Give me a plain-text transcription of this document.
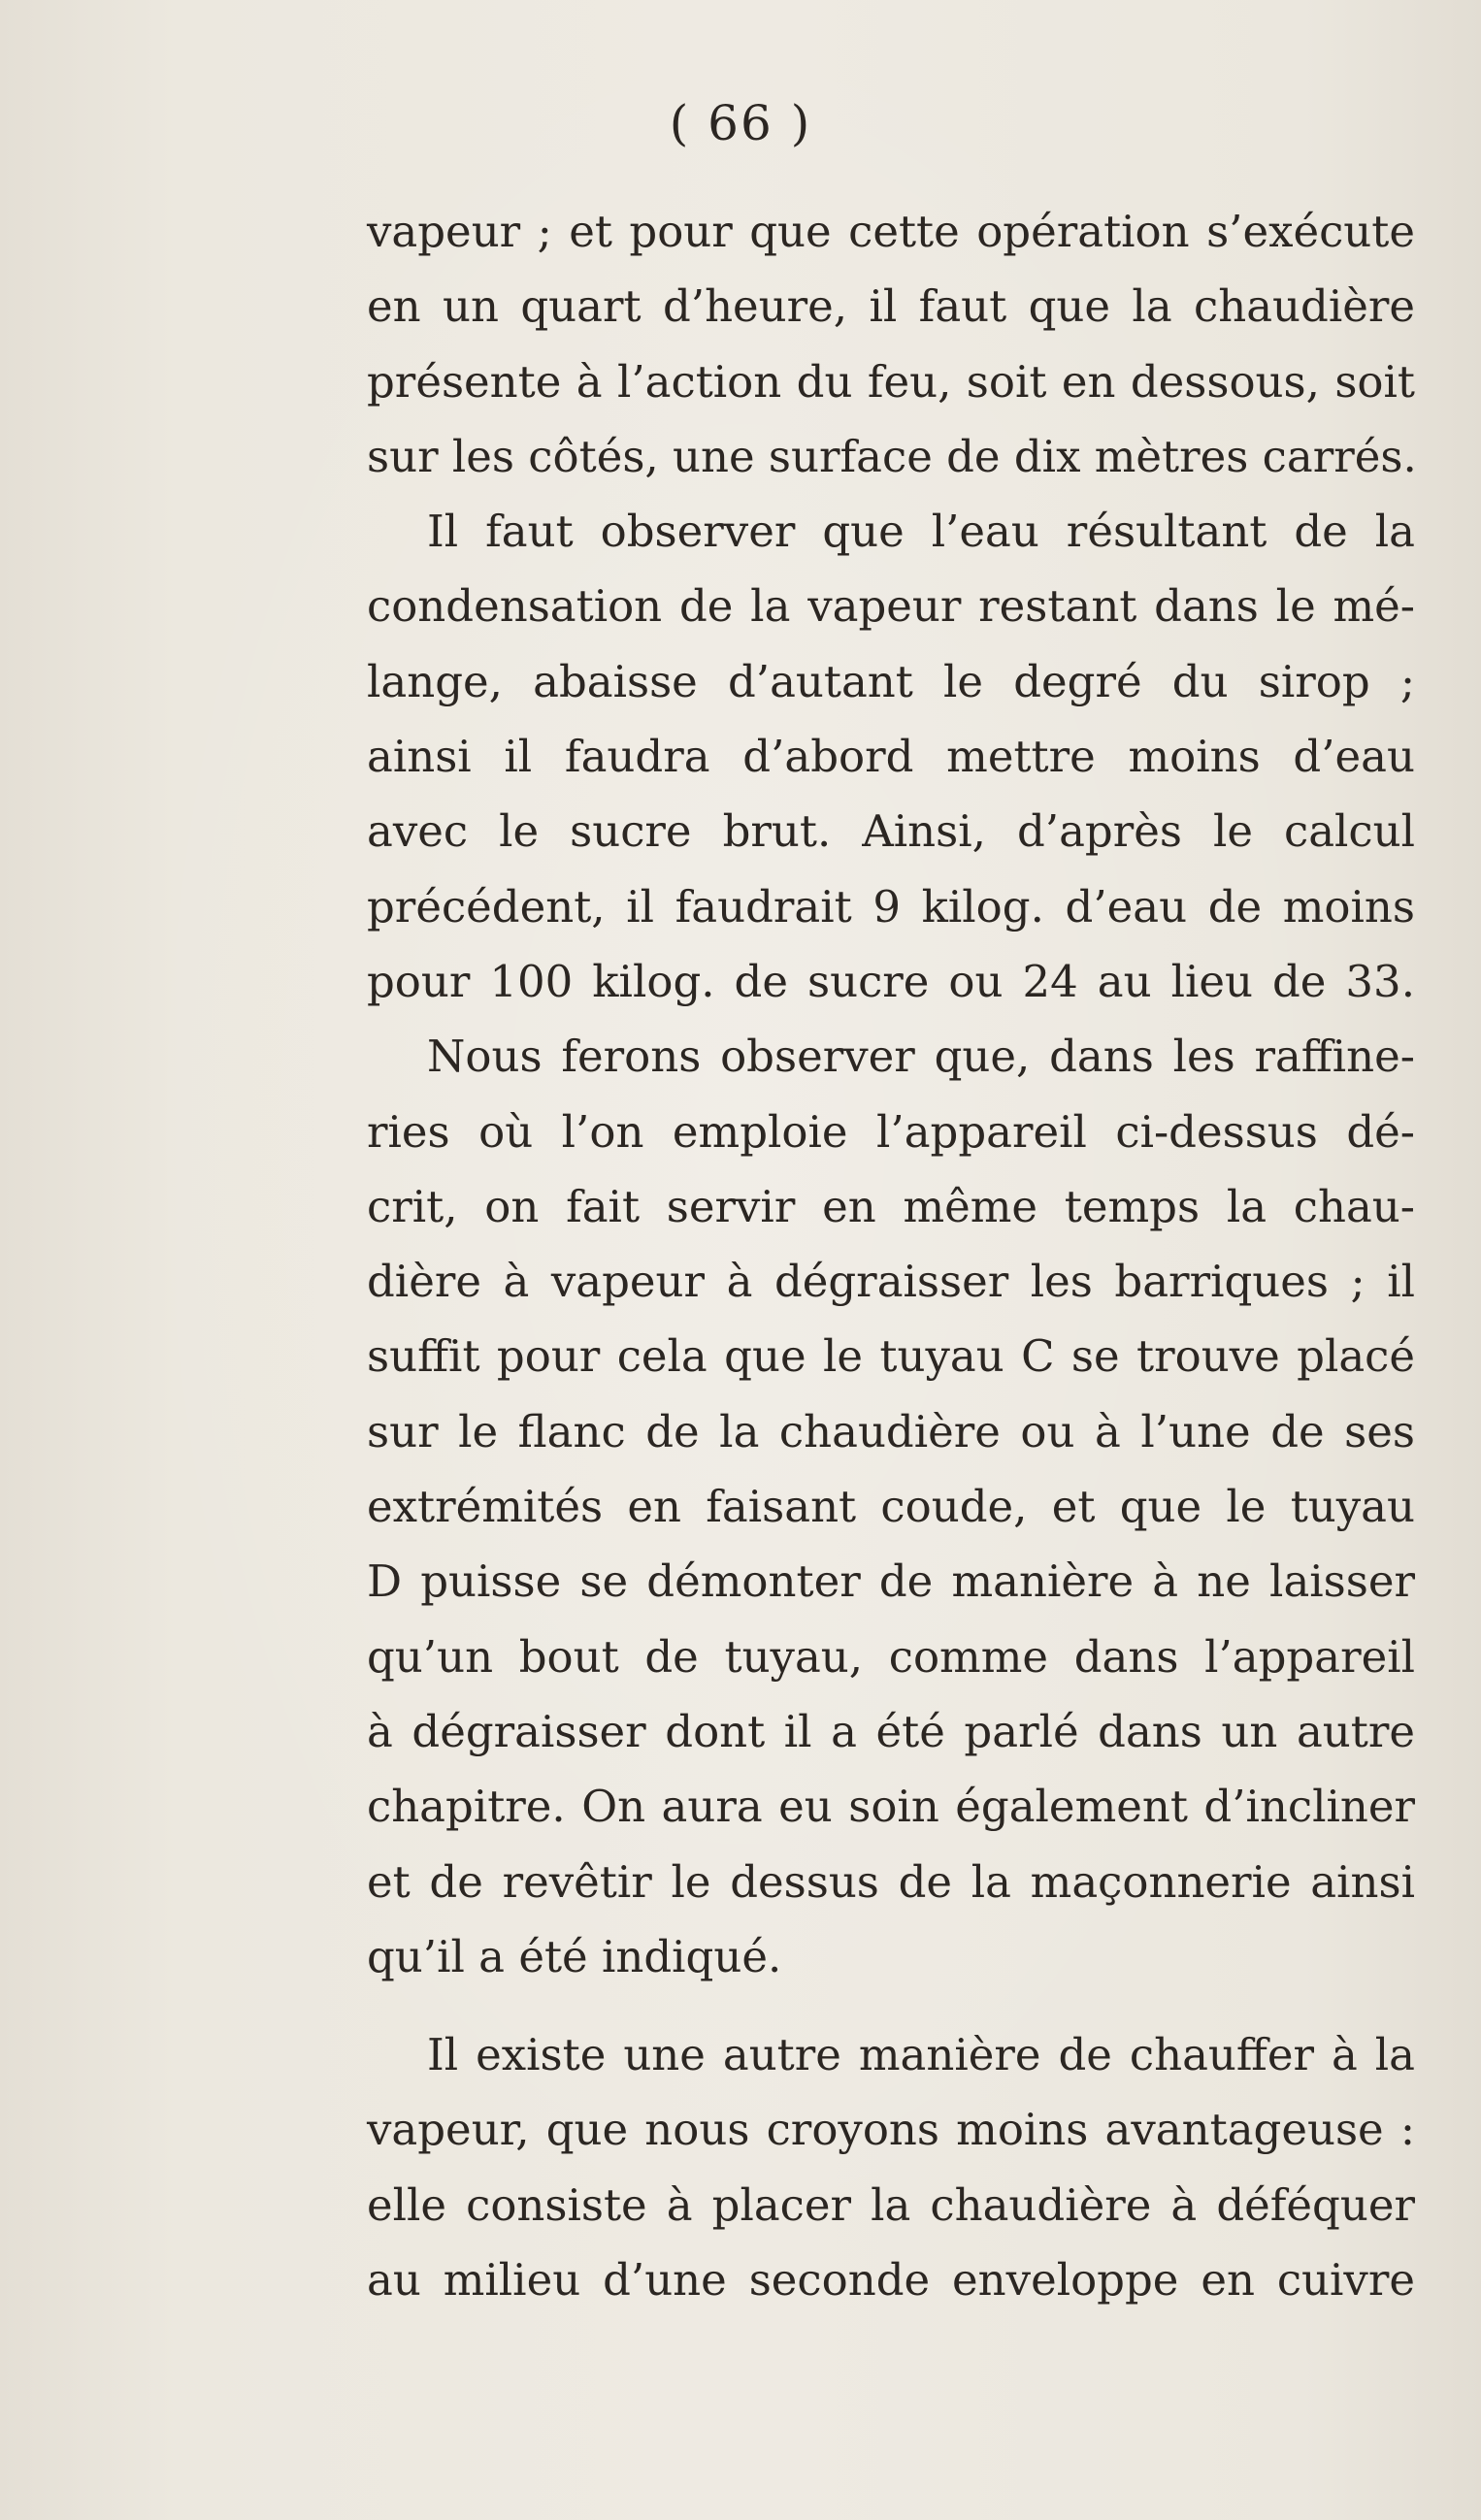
( 66 )
vapeur ; et pour que cette opération s’exécute
en un quart d’heure, il faut que la chaudière
présente à l’action du feu, soit en dessous, soit
sur les côtés, une surface de dix mètres carrés.
Il faut observer que l’eau résultant de la
condensation de la vapeur restant dans le mé-
lange, abaisse d’autant le degré du sirop ;
ainsi il faudra d’abord mettre moins d’eau
avec le sucre brut. Ainsi, d’après le calcul
précédent, il faudrait 9 kilog. d’eau de moins
pour 100 kilog. de sucre ou 24 au lieu de 33.
Nous ferons observer que, dans les raffine-
ries où l’on emploie l’appareil ci-dessus dé-
crit, on fait servir en même temps la chau-
dière à vapeur à dégraisser les barriques ; il
suffit pour cela que le tuyau C se trouve placé
sur le flanc de la chaudière ou à l’une de ses
extrémités en faisant coude, et que le tuyau
D puisse se démonter de manière à ne laisser
qu’un bout de tuyau, comme dans l’appareil
à dégraisser dont il a été parlé dans un autre
chapitre. On aura eu soin également d’incliner
et de revêtir le dessus de la maçonnerie ainsi
qu’il a été indiqué.
Il existe une autre manière de chauffer à la
vapeur, que nous croyons moins avantageuse :
elle consiste à placer la chaudière à déféquer
au milieu d’une seconde enveloppe en cuivre
